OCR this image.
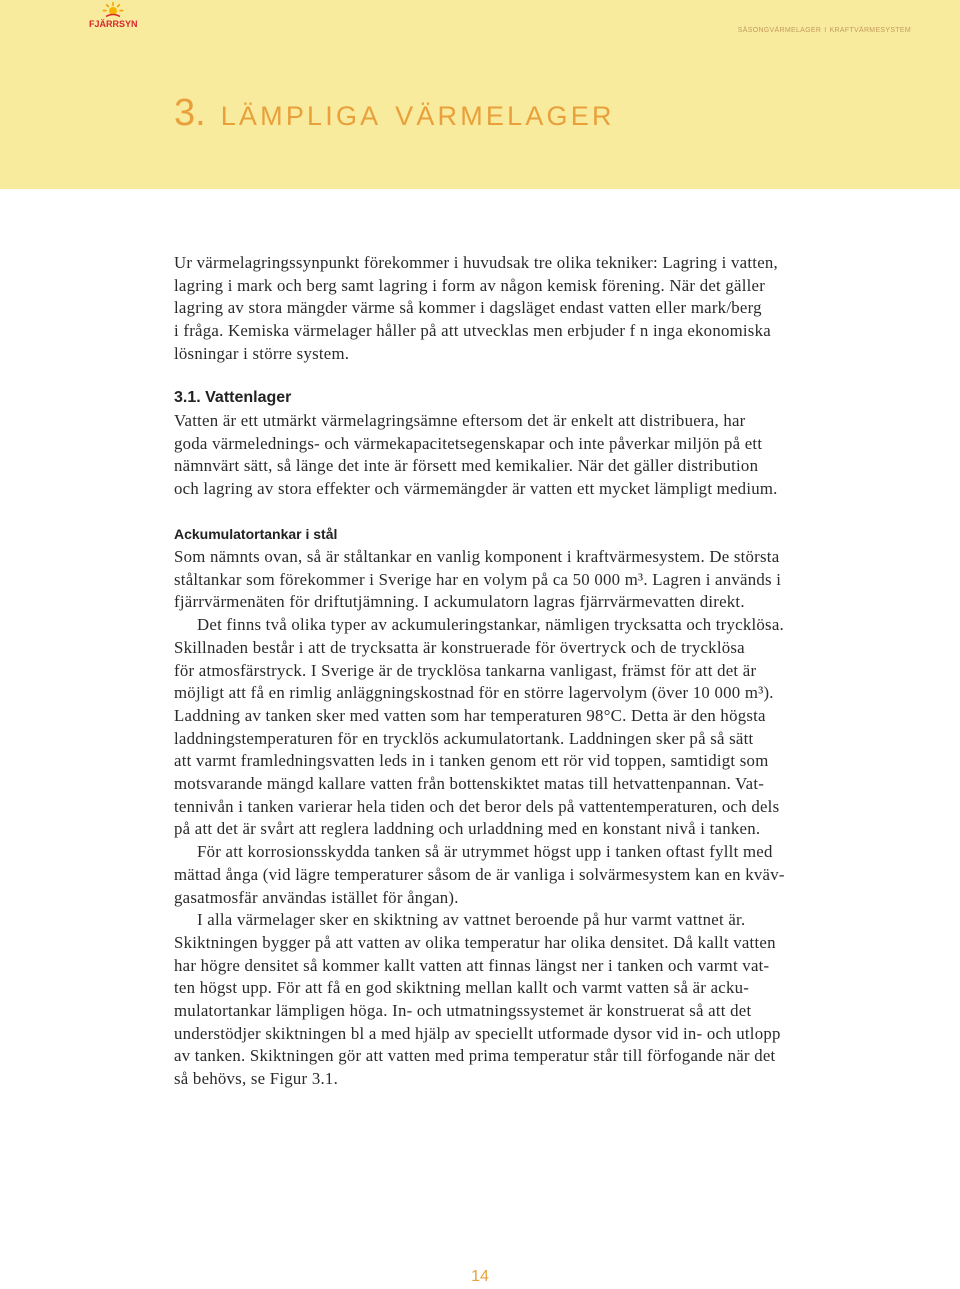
FJÄRRSYN	säsongvärmelager i kraftvärmesystem
3. lämpliga värmelager
Ur värmelagringssynpunkt förekommer i huvudsak tre olika tekniker: Lagring i vatten,
lagring i mark och berg samt lagring i form av någon kemisk förening. När det gäller
lagring av stora mängder värme så kommer i dagsläget endast vatten eller mark/berg
i fråga. Kemiska värmelager håller på att utvecklas men erbjuder f n inga ekonomiska
lösningar i större system.
3.1. Vattenlager
Vatten är ett utmärkt värmelagringsämne eftersom det är enkelt att distribuera, har
goda värmelednings- och värmekapacitetsegenskapar och inte påverkar miljön på ett
nämnvärt sätt, så länge det inte är försett med kemikalier. När det gäller distribution
och lagring av stora effekter och värmemängder är vatten ett mycket lämpligt medium.
Ackumulatortankar i stål
Som nämnts ovan, så är ståltankar en vanlig komponent i kraftvärmesystem. De största
ståltankar som förekommer i Sverige har en volym på ca 50 000 m³. Lagren i används i
fjärrvärmenäten för driftutjämning. I ackumulatorn lagras fjärrvärmevatten direkt.
Det finns två olika typer av ackumuleringstankar, nämligen trycksatta och trycklösa.
Skillnaden består i att de trycksatta är konstruerade för övertryck och de trycklösa
för atmosfärstryck. I Sverige är de trycklösa tankarna vanligast, främst för att det är
möjligt att få en rimlig anläggningskostnad för en större lagervolym (över 10 000 m³).
Laddning av tanken sker med vatten som har temperaturen 98°C. Detta är den högsta
laddningstemperaturen för en trycklös ackumulatortank. Laddningen sker på så sätt
att varmt framledningsvatten leds in i tanken genom ett rör vid toppen, samtidigt som
motsvarande mängd kallare vatten från bottenskiktet matas till hetvattenpannan. Vat-
tennivån i tanken varierar hela tiden och det beror dels på vattentemperaturen, och dels
på att det är svårt att reglera laddning och urladdning med en konstant nivå i tanken.
För att korrosionsskydda tanken så är utrymmet högst upp i tanken oftast fyllt med
mättad ånga (vid lägre temperaturer såsom de är vanliga i solvärmesystem kan en kväv-
gasatmosfär användas istället för ångan).
I alla värmelager sker en skiktning av vattnet beroende på hur varmt vattnet är.
Skiktningen bygger på att vatten av olika temperatur har olika densitet. Då kallt vatten
har högre densitet så kommer kallt vatten att finnas längst ner i tanken och varmt vat-
ten högst upp. För att få en god skiktning mellan kallt och varmt vatten så är acku-
mulatortankar lämpligen höga. In- och utmatningssystemet är konstruerat så att det
understödjer skiktningen bl a med hjälp av speciellt utformade dysor vid in- och utlopp
av tanken. Skiktningen gör att vatten med prima temperatur står till förfogande när det
så behövs, se Figur 3.1.
14
